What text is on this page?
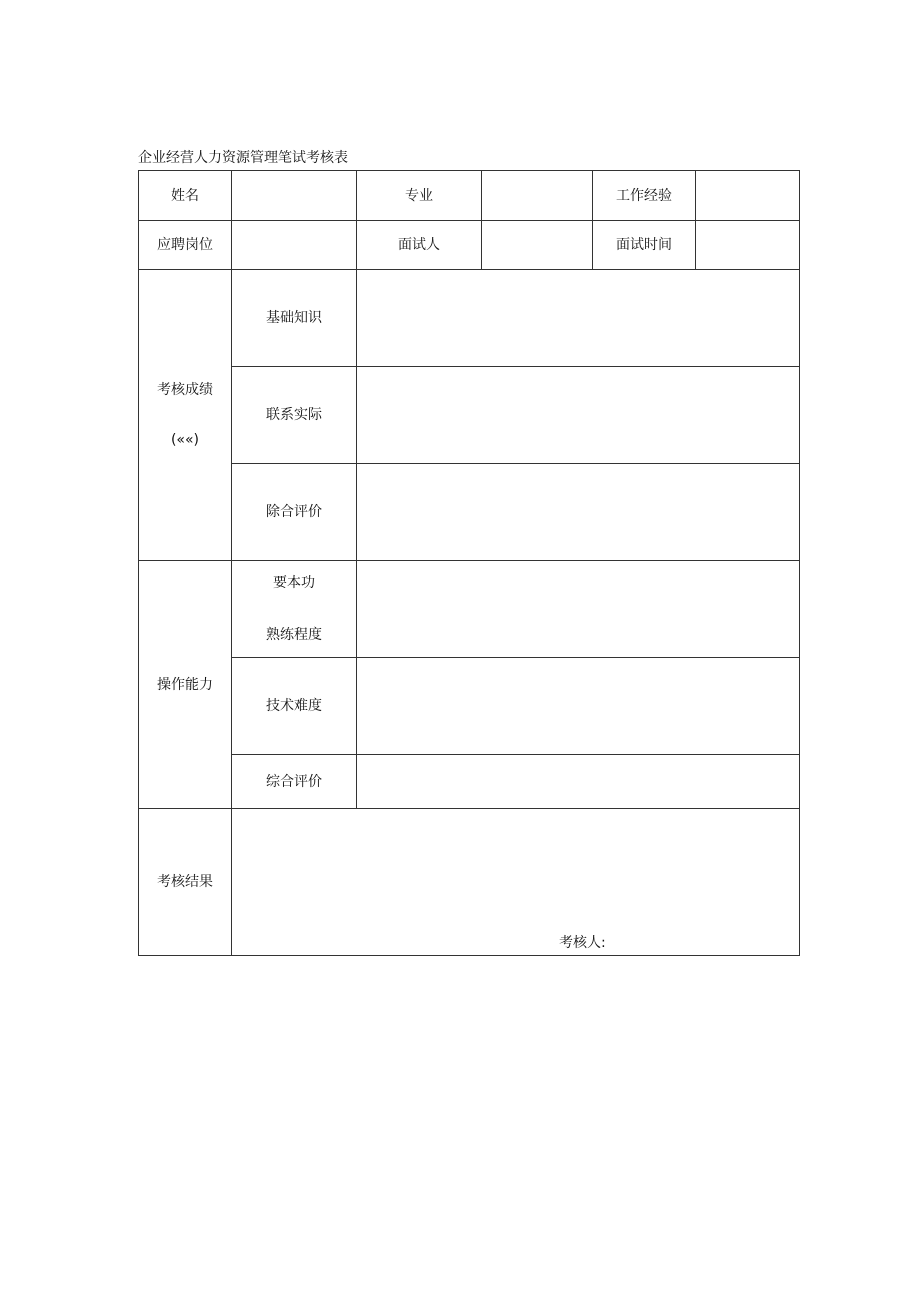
企业经营人力资源管理笔试考核表
姓名		专业		工作经验	
应聘岗位		面试人		面试时间	

考核成绩
(««)	基础知识				
	联系实际				
	除合评价				
操作能力	要本功
熟练程度				

	技术难度				
	综合评价				
考核结果	考核人:				
